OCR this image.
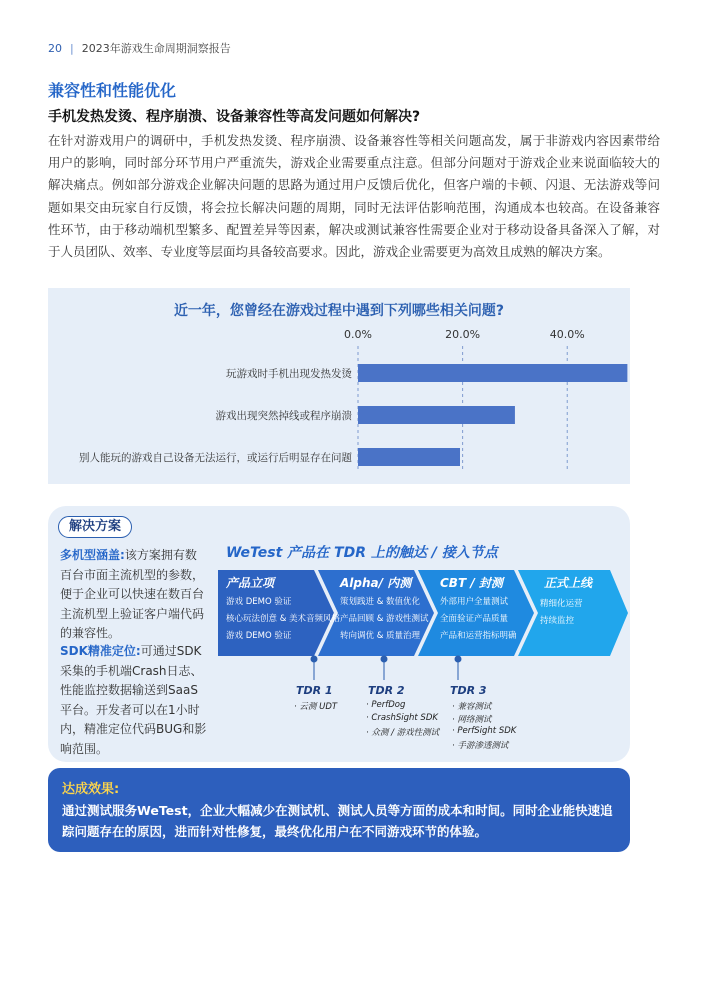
20 | 2023年游戏生命周期洞察报告
兼容性和性能优化
手机发热发烫、程序崩溃、设备兼容性等高发问题如何解决?
在针对游戏用户的调研中，手机发热发烫、程序崩溃、设备兼容性等相关问题高发，属于非游戏内容因素带给用户的影响，同时部分环节用户严重流失，游戏企业需要重点注意。但部分问题对于游戏企业来说面临较大的解决痛点。例如部分游戏企业解决问题的思路为通过用户反馈后优化，但客户端的卡顿、闪退、无法游戏等问题如果交由玩家自行反馈，将会拉长解决问题的周期，同时无法评估影响范围，沟通成本也较高。在设备兼容性环节，由于移动端机型繁多、配置差异等因素，解决或测试兼容性需要企业对于移动设备具备深入了解，对于人员团队、效率、专业度等层面均具备较高要求。因此，游戏企业需要更为高效且成熟的解决方案。
近一年，您曾经在游戏过程中遇到下列哪些相关问题?
0.0%	20.0%	40.0%
玩游戏时手机出现发热发烫
游戏出现突然掉线或程序崩溃
别人能玩的游戏自己设备无法运行，或运行后明显存在问题
解决方案
多机型涵盖:该方案拥有数
百台市面主流机型的参数，
便于企业可以快速在数百台
主流机型上验证客户端代码
的兼容性。
SDK精准定位:可通过SDK
采集的手机端Crash日志、
性能监控数据输送到SaaS
平台。开发者可以在1小时
内，精准定位代码BUG和影
响范围。
WeTest 产品在 TDR 上的触达 / 接入节点
产品立项
游戏 DEMO 验证
核心玩法创意 & 美术音频风格
游戏 DEMO 验证
Alpha/ 内测
策划践进 & 数值优化
产品回顾 & 游戏性测试
转向调优 & 质量治理
CBT / 封测
外部用户全量测试
全面验证产品质量
产品和运营指标明确
正式上线
精细化运营
持续监控
TDR 1
· 云测 UDT
TDR 2
· PerfDog
· CrashSight SDK
· 众测 / 游戏性测试
TDR 3
· 兼容测试
· 网络测试
· PerfSight SDK
· 手游渗透测试
达成效果:
通过测试服务WeTest，企业大幅减少在测试机、测试人员等方面的成本和时间。同时企业能快速追踪问题存在的原因，进而针对性修复，最终优化用户在不同游戏环节的体验。
